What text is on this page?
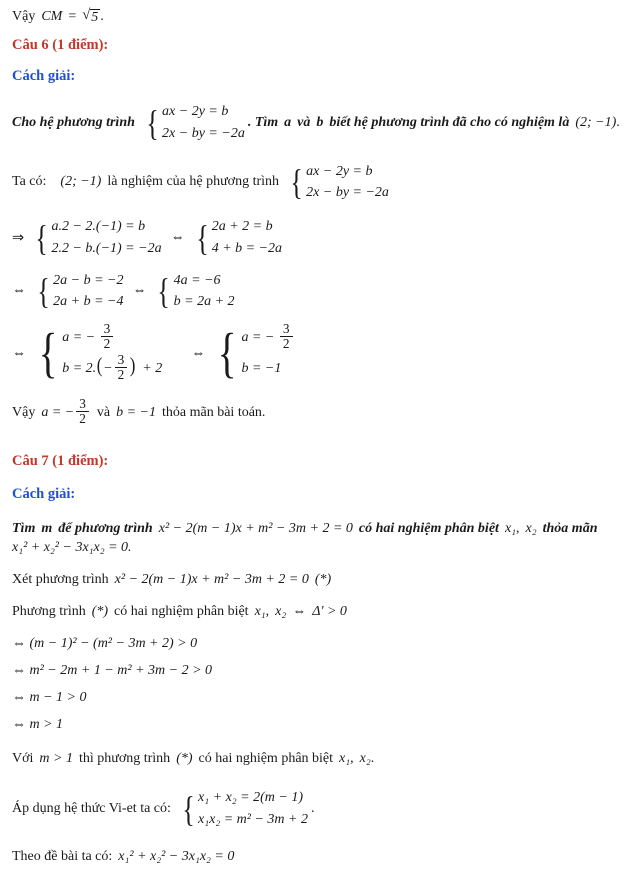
Vậy CM = √ 5 .
Câu 6 (1 điểm):
Cách giải:
Cho hệ phương trình { ax − 2y = b
2x − by = −2a
. Tìm a và b biết hệ phương trình đã cho có nghiệm là (2; −1) .
Ta có: (2; −1) là nghiệm của hệ phương trình { ax − 2y = b
2x − by = −2a
⇒ { a.2 − 2.(−1) = b
2.2 − b.(−1) = −2a
⇔ { 2a + 2 = b
4 + b = −2a
⇔ { 2a − b = −2
2a + b = −4
⇔ { 4a = −6
b = 2a + 2
⇔ { a = − $\frac{3}{2}$
$b = 2.(- \frac{3}{2}$ ) + 2
⇔ { a = − $\frac{3}{2}$
b = −1
Vậy a = − $\frac{3}{2}$ và b = −1 thỏa mãn bài toán.
Câu 7 (1 điểm):
Cách giải:
Tìm m để phương trình x² − 2(m − 1)x + m² − 3m + 2 = 0 có hai nghiệm phân biệt x₁ , x₂ thỏa mãn
x₁² + x₂² − 3x₁x₂ = 0.
Xét phương trình x² − 2(m − 1)x + m² − 3m + 2 = 0 (*)
Phương trình (*) có hai nghiệm phân biệt x₁ , x₂ ⇔ Δ' > 0
⇔ (m − 1)² − (m² − 3m + 2) > 0
⇔ m² − 2m + 1 − m² + 3m − 2 > 0
⇔ m − 1 > 0
⇔ m > 1
Với m > 1 thì phương trình (*) có hai nghiệm phân biệt x₁ , x₂ .
Áp dụng hệ thức Vi-et ta có: { x₁ + x₂ = 2(m − 1)
x₁x₂ = m² − 3m + 2
.
Theo đề bài ta có: x₁² + x₂² − 3x₁x₂ = 0
